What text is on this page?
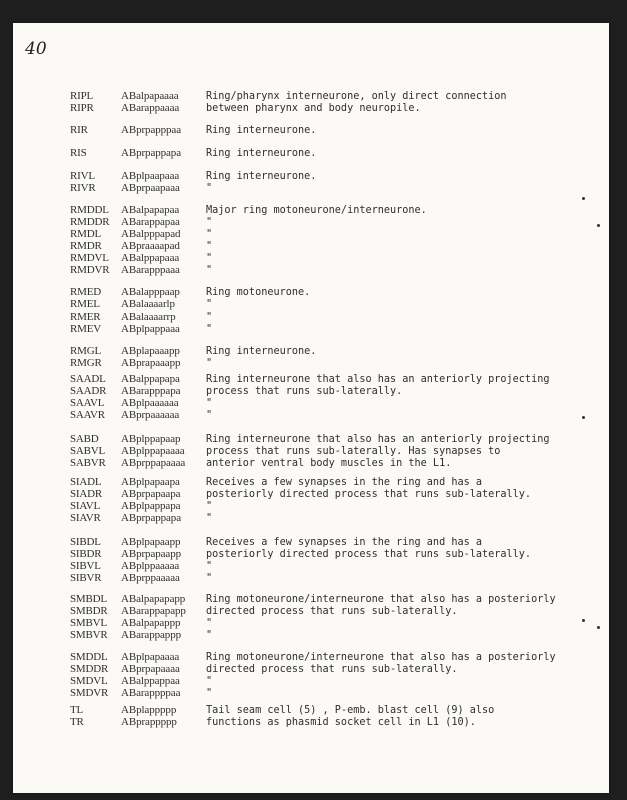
40
RIPL	ABalpapaaaa	Ring/pharynx interneurone, only direct connection
RIPR ABarappaaaa	between pharynx and body neuropile.
RIR	ABprpapppaa Ring interneurone.
RIS	ABprpappapa Ring interneurone.
RIVL ABplpaapaaa	Ring interneurone.
RIVR ABprpaapaaa	"
RMDDL ABalpapapaa	Major ring motoneurone/interneurone.
RMDDR ABarappapaa	"
RMDL ABalpppapad	"
RMDR ABpraaaapad	"
RMDVL ABalppapaaa	"
RMDVR ABarapppaaa	"
RMED ABalapppaap	Ring motoneurone.
RMEL ABalaaaarlp	"
RMER ABalaaaarrp	"
RMEV ABplpappaaa	"
RMGL ABplapaaapp	Ring interneurone.
RMGR ABprapaaapp	"
SAADL ABalppapapa	Ring interneurone that also has an anteriorly projecting
SAADR ABarapppapa	process that runs sub-laterally.
SAAVL ABplpaaaaaa	"
SAAVR ABprpaaaaaa	"
SABD ABplppapaap	Ring interneurone that also has an anteriorly projecting
SABVL ABplppapaaaa process that runs sub-laterally. Has synapses to
SABVR ABprppapaaaa anterior ventral body muscles in the L1.
SIADL ABplpapaapa	Receives a few synapses in the ring and has a
SIADR ABprpapaapa	posteriorly directed process that runs sub-laterally.
SIAVL ABplpappapa	"
SIAVR ABprpappapa "
SIBDL ABplpapaapp	Receives a few synapses in the ring and has a
SIBDR ABprpapaapp posteriorly directed process that runs sub-laterally.
SIBVL ABplppaaaaa	"
SIBVR ABprppaaaaa	"
SMBDL ABalpapapapp Ring motoneurone/interneurone that also has a posteriorly
SMBDR ABarappapapp directed process that runs sub-laterally.
SMBVL ABalpapappp	"
SMBVR ABarappappp "
SMDDL ABplpapaaaa	Ring motoneurone/interneurone that also has a posteriorly
SMDDR ABprpapaaaa	directed process that runs sub-laterally.
SMDVL ABalppappaa	"
SMDVR ABarappppaa	"
TL	ABplappppp	Tail seam cell (5) , P-emb. blast cell (9) also
TR	ABprappppp	functions as phasmid socket cell in L1 (10).
